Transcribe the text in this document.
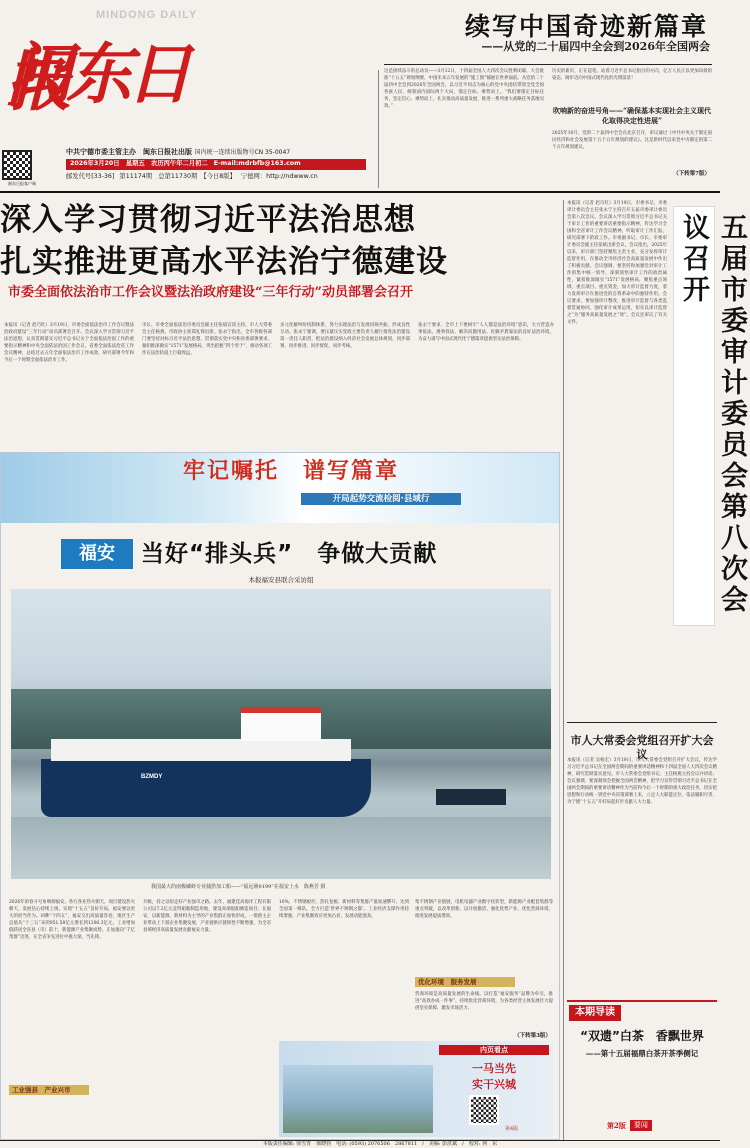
MINDONG DAILY
闽东日报
闽东日报客户端
中共宁德市委主管主办　闽东日报社出版 国内统一连续出版物号CN 35-0047
2026年3月20日　星期五　农历丙午年二月初二 E-mail:mdrbfb@163.com
邮发代号[33-36] 第11174期　总第11730期　【今日8版】 宁德网：http://ndwww.cn
续写中国奇迹新篇章
——从党的二十届四中全会到2026年全国两会
这是接续奋斗的总动员——3月12日，十四届全国人大四次会议胜利闭幕，大会批准“十五五”规划纲要，中国未来五年发展的“施工图”铺展在世界面前。从党的二十届四中全会到2026年全国两会，以习近平同志为核心的党中央团结带领全党全国各族人民，统筹国内国际两个大局，锚定目标、乘势而上。“我们要锚定目标任务，坚定信心、乘势而上，扎实推动高质量发展，推进一系列重大战略任务落地见效。”
历史的新页，正在起笔。站着习近平总书记指引的方向，亿万人民正以更加昂扬的姿态，阔步迈向中国式现代化的光明前景！
吹响新的奋进号角——“确保基本实现社会主义现代化取得决定性进展”
2025年10月，党的二十届四中全会在北京召开，审议通过《中共中央关于制定国民经济和社会发展第十五个五年规划的建议》。这是新时代以来党中央制定的第二个五年规划建议。
（下转第7版）
深入学习贯彻习近平法治思想
扎实推进更高水平法治宁德建设
市委全面依法治市工作会议暨法治政府建设“三年行动”动员部署会召开
本报讯（记者 赵巧红）3月19日，市委全面依法治市工作会议暨法治政府建设“三年行动”动员部署会召开。会议深入学习贯彻习近平法治思想，认真贯彻落实习近平总书记关于全面依法治国工作的重要指示精神和中央全面依法治国工作会议、省委全面依法治省工作会议精神，总结过去五年全面依法治市工作成效，研究部署今年和今后一个时期全面依法治市工作。
市长、市委全面依法治市委员会副主任张斌宣读主持。市人大常委会主任杨燕、市政协主席郑礼锋出席。张永宁指出，全市各级各部门要坚持对标习近平法治思想，贯彻落实党中央和省委部署要求，紧扣推深做实“1571”发展格局，突出把握“四个善于”，推动各项工作在法治轨道上行稳致远。
多元化解纠纷机制体系，努力实现法治与发展同频共振，形成良性互动。张永宁强调，要压紧压实党政主要负责人履行推进法治建设第一责任人职责，把法治建设纳入经济社会发展总体规划，同步部署、同步推进、同步督促、同步考核。
张永宁要求，全市上下要树牢“人人都是法治环境”意识，大力营造办事依法、遇事找法、解决问题用法、化解矛盾靠法的良好法治环境，为奋力谱写中国式现代化宁德篇章提供坚实法治保障。
本报讯（记者 赵巧红）3月19日，市委书记、市委审计委员会主任张永宁主持召开五届市委审计委员会第八次会议。会议深入学习贯彻习近平总书记关于审计工作的重要讲话重要指示精神，传达学习全国和全省审计工作会议精神，听取审计工作汇报，研究部署下阶段工作。市委副书记、市长、市委审计委员会副主任张斌出席会议。会议指出，2025年以来，审计部门坚持聚焦主责主业，充分发挥审计监督作用，在推动全市经济社会高质量发展中作出了积极贡献。会议强调，要坚持和加强党对审计工作的集中统一领导，深刻领悟审计工作的政治属性，紧扣推深做实“1571”发展格局，聚焦重点领域、重点项目、重点资金，加大审计监督力度，着力发挥审计在推进党的自我革命中的独特作用。会议要求，要加强审计整改，推进审计监督与各类监督贯通协同，强化审计成果运用，切实以审计监督之“为”服务高质量发展之“效”。会议还审议了有关文件。	五届市委审计委员会第八次会议召开
市人大常委会党组召开扩大会议
本报讯（记者 吴杨宏）3月19日，市人大常委会党组召开扩大会议，传达学习习近平总书记在全国两会期间的重要讲话精神和十四届全国人大四次会议精神，研究贯彻落实意见。市人大常委会党组书记、主任杨燕主持会议并讲话。会议强调，要深刻领会把握全国两会精神，把学习宣传贯彻习近平总书记在全国两会期间的重要讲话精神作为当前和今后一个时期的重大政治任务，切实把思想和行动统一到党中央决策部署上来，立足人大职能定位，依法履职尽责，为宁德“十五五”开好局起好步贡献人大力量。
本期导读
“双遗”白茶　香飘世界
——第十五届福鼎白茶开茶季侧记
第2版	要闻
牢记嘱托　谱写篇章
开局起势交流检阅·县域行
福安	当好“排头兵”　争做大贡献
本报福安县联合采访组
BZMDY
我国最大的南极磷虾专业捕捞加工船——“福远渔9199”在福安上水　陈燕芳 摄
2026年的春斗号角响彻福安。各行各业热火朝天，项目建设热火朝天，发展信心持续上扬。实现“十五五”良好开局，福安要以更大的担当作为。回眸“十四五”，福安交出高质量答卷，地区生产总值从“十三五”末的951.58亿元增长到1306.3亿元，工业增加值跃居全省县（市）前十。新能源产业集聚成势，正加速向“千亿集群”迈进，在全省争先进位中挑大梁、当先锋。
工业强县　产业兴市
升级，持之以恒走好产业强市之路。去年，福建佳高海洋工程有限公司以7.2亿元竞得船舶制造用地，建设高端船舶修造项目；在福安，以新能源、新材料为主导的产业集群正加快形成，一批链主企业带动上下游企业集聚发展，产业链供应链韧性不断增强，为全省县域经济高质量发展贡献福安力量。
10%，不锈钢板坯、热轧卷板、新材料等集群产值加速攀升，达到全国第一梯队，全力打造‘世界不锈钢之都’。工业经济支撑作用持续增强，产业集聚效应更加凸显，发展动能强劲。
集不锈钢产业链链，电机电器产业数字化转型，新能源产业配套集群等重点突破，以改革创新、以开放激活、强化优势产业，优化营商环境，推进发展提质增效。
优化环境　服务发展
营商环境是高质量发展的生命线。以打造“福安服务”品牌为牵引，推进“高效办成一件事”，持续优化营商环境，为各类经营主体发展壮大提供坚实保障，激发市场活力。
（下转第3版）
内页看点
一马当先
实干兴城
第4版
本版责任编辑: 徐雪青　梁晓钧　电话: (0593) 2076506　2867811　/　美编: 彭洪斌　/　校对: 何　东
